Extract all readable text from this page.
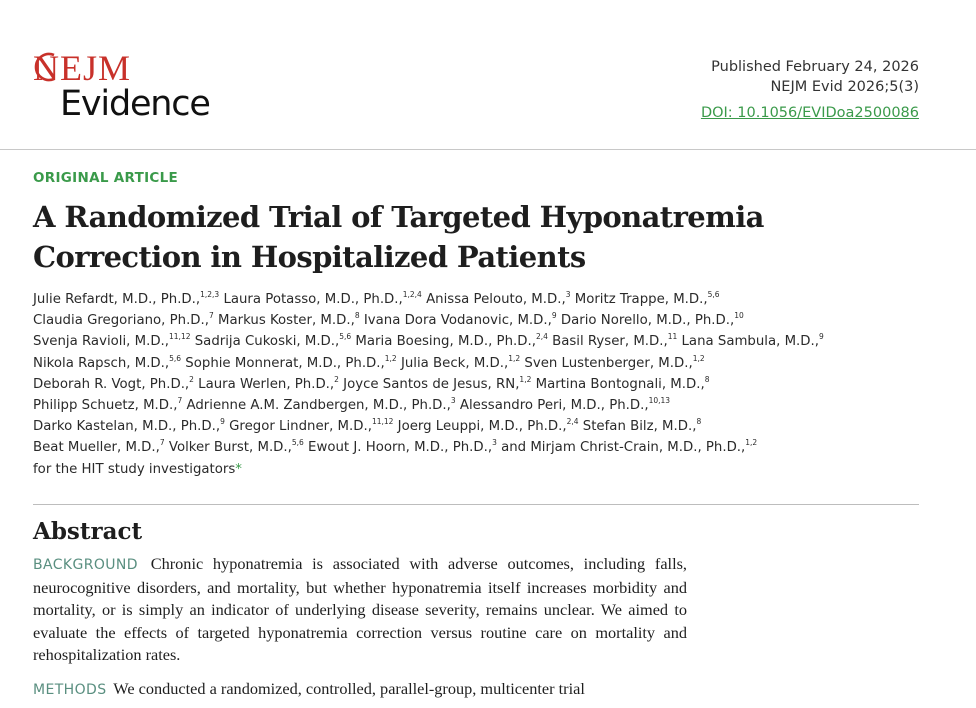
NEJM
Evidence
Published February 24, 2026
NEJM Evid 2026;5(3)
DOI: 10.1056/EVIDoa2500086
ORIGINAL ARTICLE
A Randomized Trial of Targeted Hyponatremia
Correction in Hospitalized Patients
Julie Refardt, M.D., Ph.D.,$^{1,2,3}$ Laura Potasso, M.D., Ph.D.,$^{1,2,4}$ Anissa Pelouto, M.D.,$^3$ Moritz Trappe, M.D.,$^{5,6}$
Claudia Gregoriano, Ph.D.,$^7$ Markus Koster, M.D.,$^8$ Ivana Dora Vodanovic, M.D.,$^9$ Dario Norello, M.D., Ph.D.,$^{10}$
Svenja Ravioli, M.D.,$^{11,12}$ Sadrija Cukoski, M.D.,$^{5,6}$ Maria Boesing, M.D., Ph.D.,$^{2,4}$ Basil Ryser, M.D.,$^{11}$ Lana Sambula, M.D.,$^9$
Nikola Rapsch, M.D.,$^{5,6}$ Sophie Monnerat, M.D., Ph.D.,$^{1,2}$ Julia Beck, M.D.,$^{1,2}$ Sven Lustenberger, M.D.,$^{1,2}$
Deborah R. Vogt, Ph.D.,$^2$ Laura Werlen, Ph.D.,$^2$ Joyce Santos de Jesus, RN,$^{1,2}$ Martina Bontognali, M.D.,$^8$
Philipp Schuetz, M.D.,$^7$ Adrienne A.M. Zandbergen, M.D., Ph.D.,$^3$ Alessandro Peri, M.D., Ph.D.,$^{10,13}$
Darko Kastelan, M.D., Ph.D.,$^9$ Gregor Lindner, M.D.,$^{11,12}$ Joerg Leuppi, M.D., Ph.D.,$^{2,4}$ Stefan Bilz, M.D.,$^8$
Beat Mueller, M.D.,$^7$ Volker Burst, M.D.,$^{5,6}$ Ewout J. Hoorn, M.D., Ph.D.,$^3$ and Mirjam Christ-Crain, M.D., Ph.D.,$^{1,2}$
for the HIT study investigators*
Abstract

BACKGROUND Chronic hyponatremia is associated with adverse outcomes, including falls, neurocognitive disorders, and mortality, but whether hyponatremia itself increases morbidity and mortality, or is simply an indicator of underlying disease severity, remains unclear. We aimed to evaluate the effects of targeted hyponatremia correction versus routine care on mortality and rehospitalization rates.

METHODS We conducted a randomized, controlled, parallel-group, multicenter trial
